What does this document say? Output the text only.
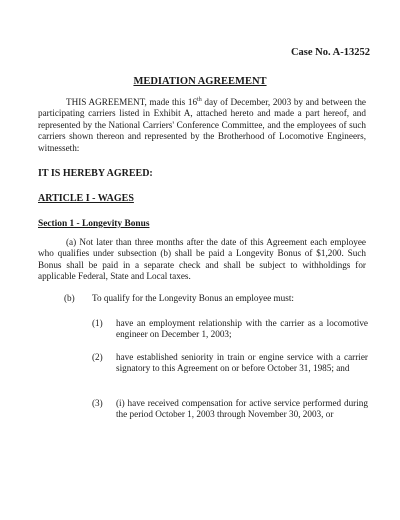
Case No. A-13252
MEDIATION AGREEMENT

THIS AGREEMENT, made this 16th day of December, 2003 by and between the participating carriers listed in Exhibit A, attached hereto and made a part hereof, and represented by the National Carriers' Conference Committee, and the employees of such carriers shown thereon and represented by the Brotherhood of Locomotive Engineers, witnesseth:

IT IS HEREBY AGREED:
ARTICLE I - WAGES
Section 1 - Longevity Bonus

(a) Not later than three months after the date of this Agreement each employee who qualifies under subsection (b) shall be paid a Longevity Bonus of $1,200. Such Bonus shall be paid in a separate check and shall be subject to withholdings for applicable Federal, State and Local taxes.

(b) To qualify for the Longevity Bonus an employee must:
(1) have an employment relationship with the carrier as a locomotive engineer on December 1, 2003;
(2) have established seniority in train or engine service with a carrier signatory to this Agreement on or before October 31, 1985; and
(3) (i) have received compensation for active service performed during the period October 1, 2003 through November 30, 2003, or
